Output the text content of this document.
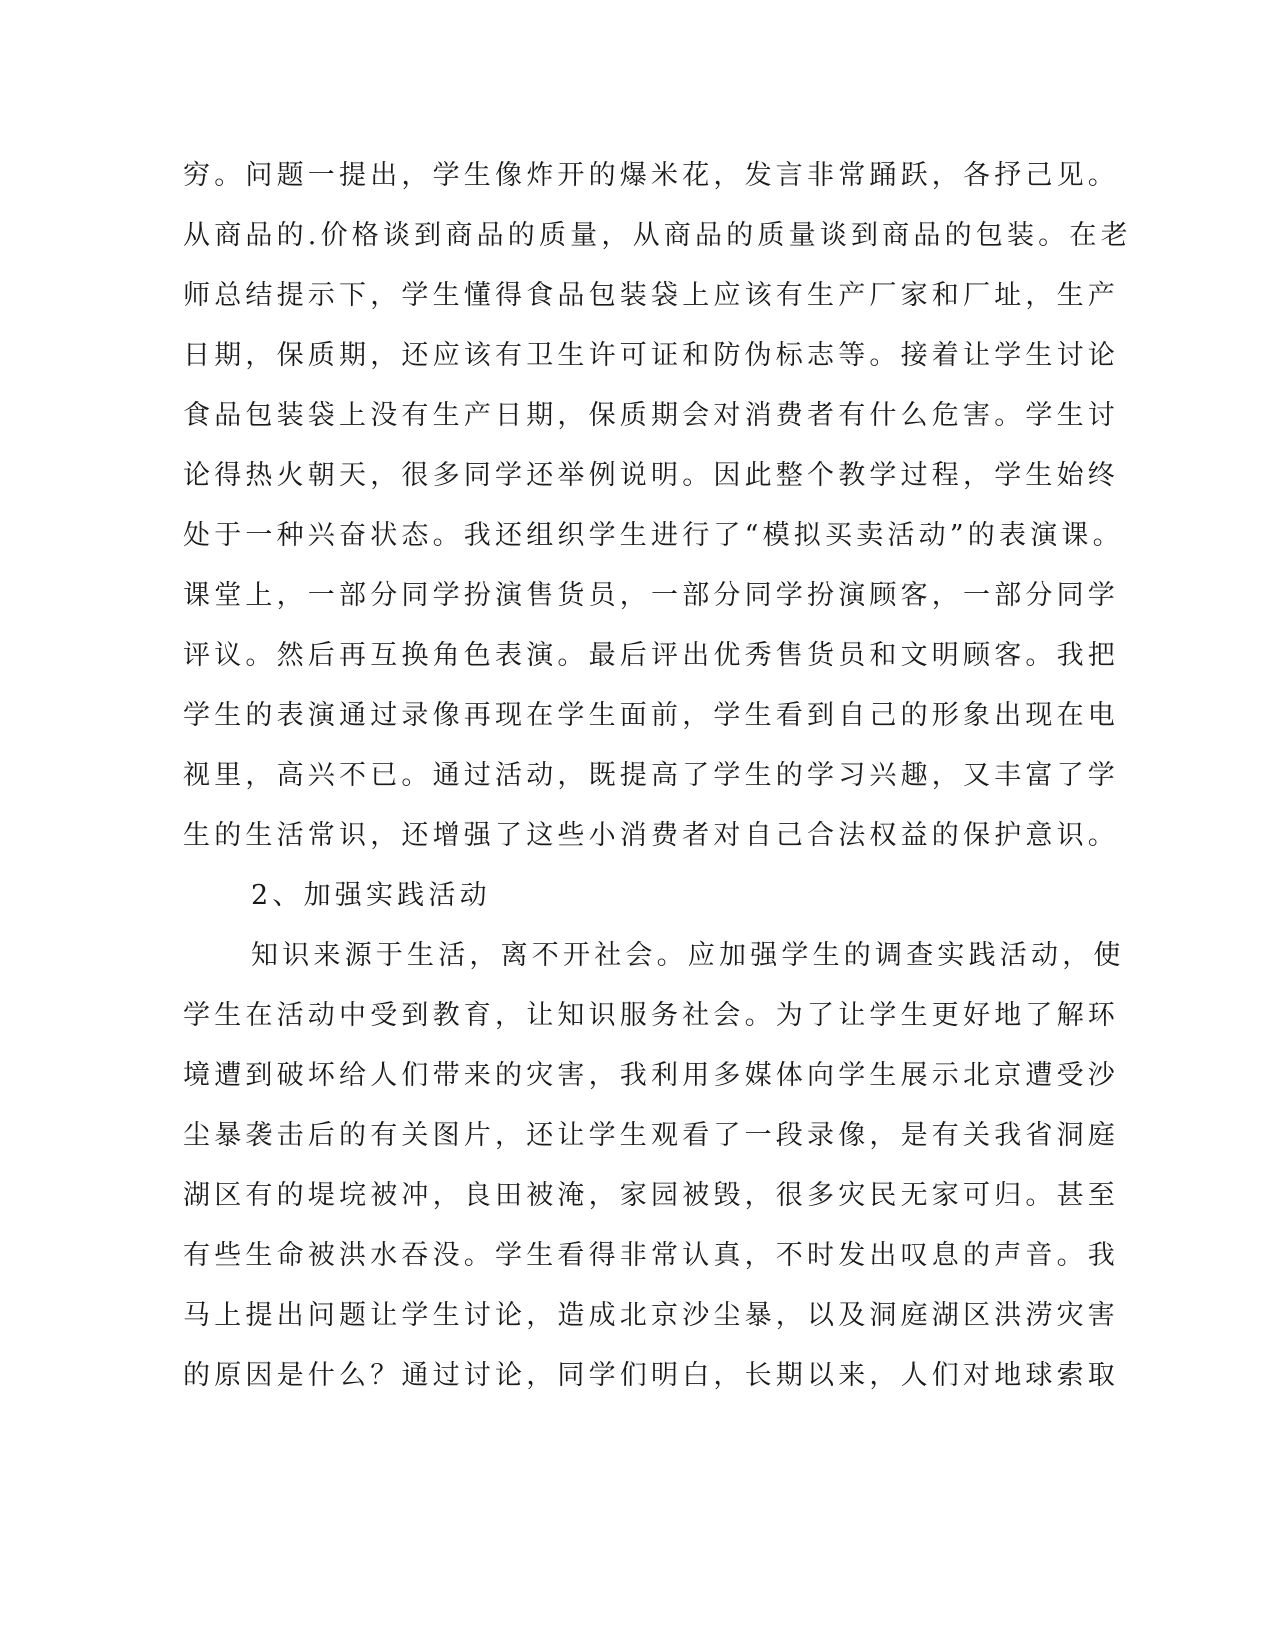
穷。问题一提出，学生像炸开的爆米花，发言非常踊跃，各抒己见。
从商品的.价格谈到商品的质量，从商品的质量谈到商品的包装。在老
师总结提示下，学生懂得食品包装袋上应该有生产厂家和厂址，生产
日期，保质期，还应该有卫生许可证和防伪标志等。接着让学生讨论
食品包装袋上没有生产日期，保质期会对消费者有什么危害。学生讨
论得热火朝天，很多同学还举例说明。因此整个教学过程，学生始终
处于一种兴奋状态。我还组织学生进行了“模拟买卖活动”的表演课。
课堂上，一部分同学扮演售货员，一部分同学扮演顾客，一部分同学
评议。然后再互换角色表演。最后评出优秀售货员和文明顾客。我把
学生的表演通过录像再现在学生面前，学生看到自己的形象出现在电
视里，高兴不已。通过活动，既提高了学生的学习兴趣，又丰富了学
生的生活常识，还增强了这些小消费者对自己合法权益的保护意识。
2、加强实践活动
知识来源于生活，离不开社会。应加强学生的调查实践活动，使
学生在活动中受到教育，让知识服务社会。为了让学生更好地了解环
境遭到破坏给人们带来的灾害，我利用多媒体向学生展示北京遭受沙
尘暴袭击后的有关图片，还让学生观看了一段录像，是有关我省洞庭
湖区有的堤垸被冲，良田被淹，家园被毁，很多灾民无家可归。甚至
有些生命被洪水吞没。学生看得非常认真，不时发出叹息的声音。我
马上提出问题让学生讨论，造成北京沙尘暴，以及洞庭湖区洪涝灾害
的原因是什么？通过讨论，同学们明白，长期以来，人们对地球索取
